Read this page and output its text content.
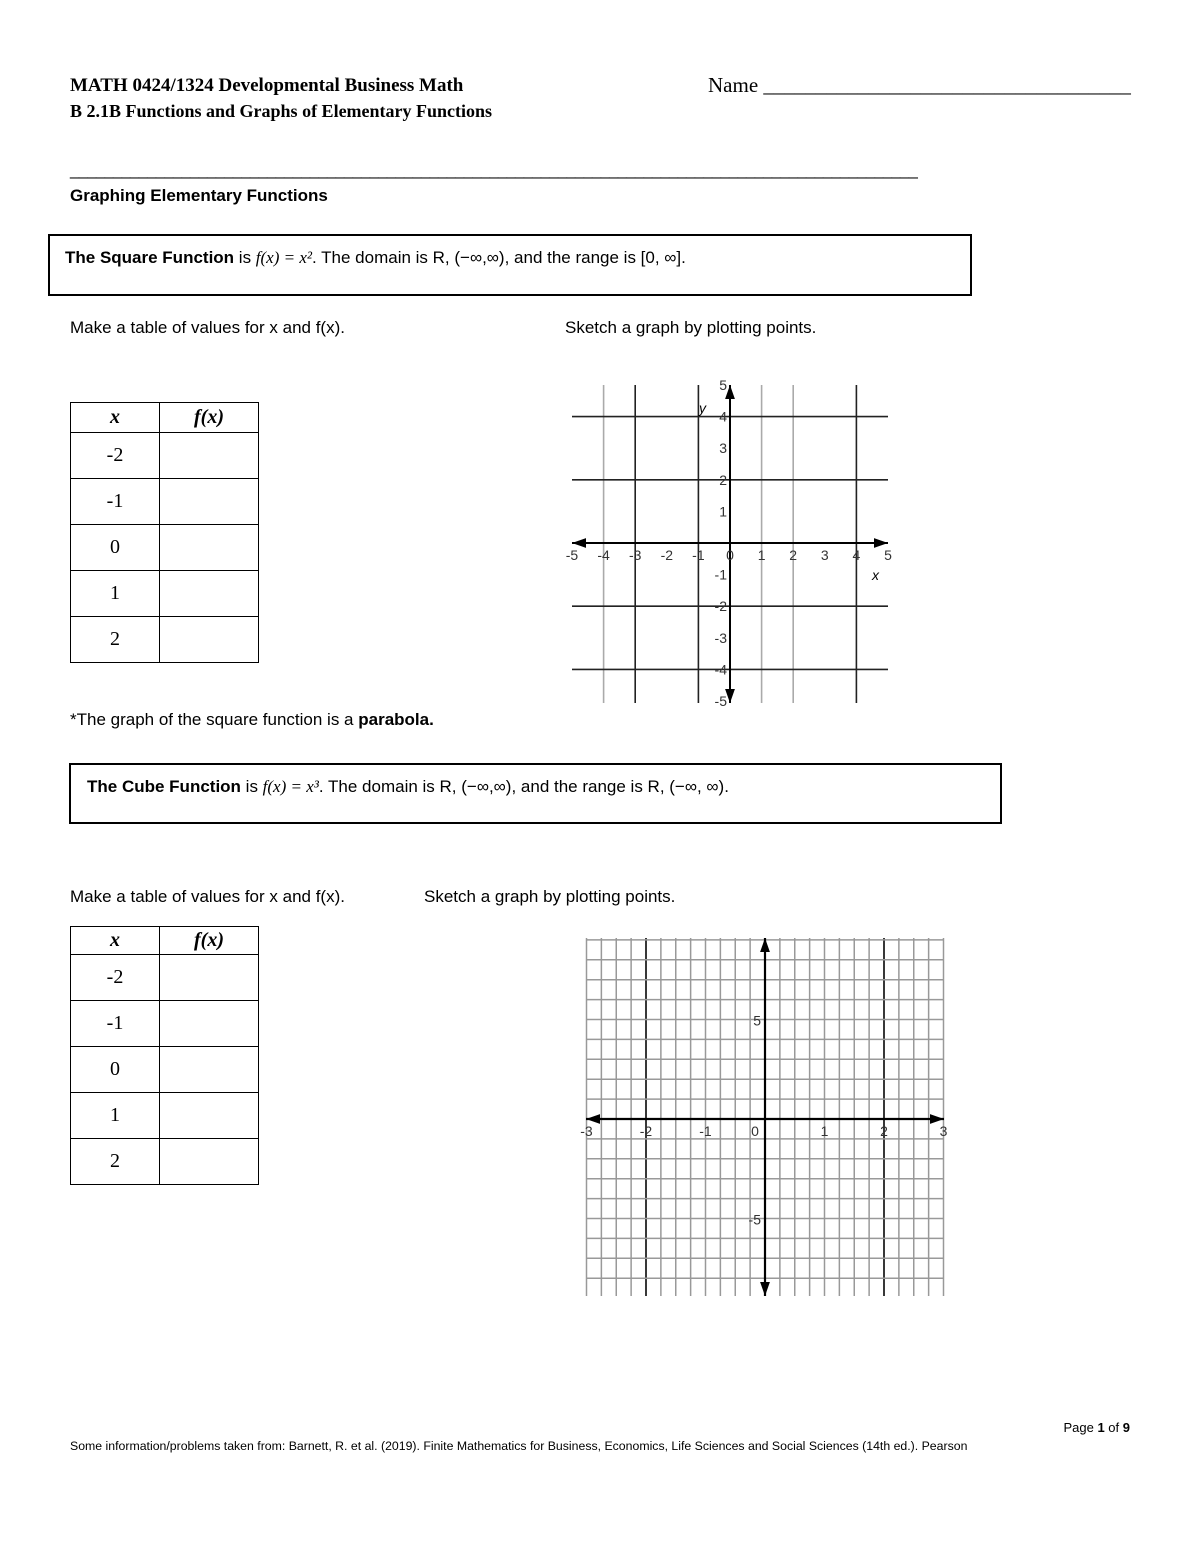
MATH 0424/1324 Developmental Business Math	Name ___________________________________
B 2.1B Functions and Graphs of Elementary Functions
___________________________________________________________________________________________________
Graphing Elementary Functions
The Square Function is f(x) = x². The domain is R, (−∞,∞), and the range is [0, ∞].
Make a table of values for x and f(x).	Sketch a graph by plotting points.
x	f(x)
-2	
-1	
0	
1	
2	
-5 -4 -3 -2 -1 0 1 2 3 4 5
5
4
3
2
1
-1
-2
-3
-4
-5
x
y
-3	-2	-1	0	1	2	3
5
-5
*The graph of the square function is a parabola.
The Cube Function is f(x) = x³. The domain is R, (−∞,∞), and the range is R, (−∞, ∞).
Make a table of values for x and f(x).	Sketch a graph by plotting points.
x	f(x)
-2	
-1	
0	
1	
2	
Page 1 of 9
Some information/problems taken from: Barnett, R. et al. (2019). Finite Mathematics for Business, Economics, Life Sciences and Social Sciences (14th ed.). Pearson
